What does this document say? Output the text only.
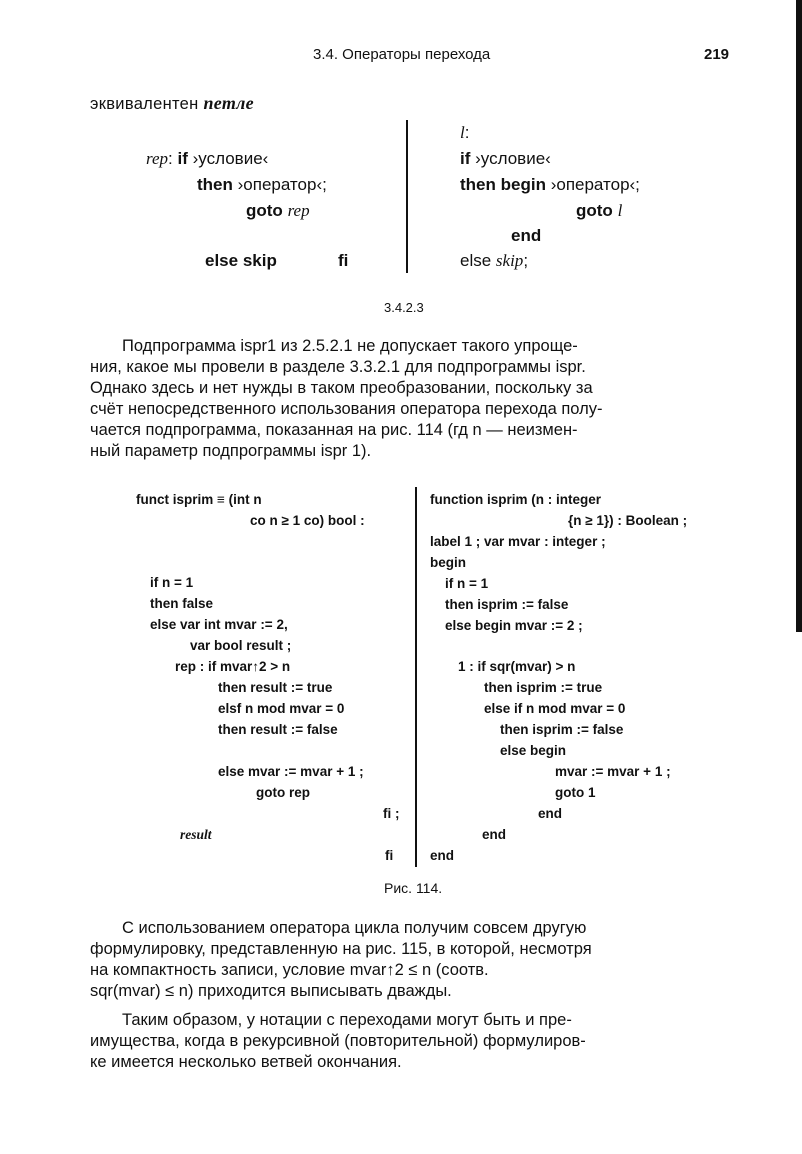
3.4. Операторы перехода	219
эквивалентен петле
rep: if ›условие‹
then ›оператор‹;
goto rep
else skip	fi
l:
if ›условие‹
then begin ›оператор‹;
goto l
end
else skip;
3.4.2.3
Подпрограмма ispr1 из 2.5.2.1 не допускает такого упроще-
ния, какое мы провели в разделе 3.3.2.1 для подпрограммы ispr.
Однако здесь и нет нужды в таком преобразовании, поскольку за
счёт непосредственного использования оператора перехода полу-
чается подпрограмма, показанная на рис. 114 (гд n — неизмен-
ный параметр подпрограммы ispr 1).
funct isprim ≡ (int n
co n ≥ 1 co) bool :
if n = 1
then false
else var int mvar := 2,
var bool result ;
rep : if mvar↑2 > n
then result := true
elsf n mod mvar = 0
then result := false
else mvar := mvar + 1 ;
goto rep
fi ;
result
fi
function isprim (n : integer
{n ≥ 1}) : Boolean ;
label 1 ; var mvar : integer ;
begin
if n = 1
then isprim := false
else begin mvar := 2 ;
1 : if sqr(mvar) > n
then isprim := true
else if n mod mvar = 0
then isprim := false
else begin
mvar := mvar + 1 ;
goto 1
end
end
end
Рис. 114.
С использованием оператора цикла получим совсем другую
формулировку, представленную на рис. 115, в которой, несмотря
на компактность записи, условие mvar↑2 ≤ n (соотв.
sqr(mvar) ≤ n) приходится выписывать дважды.
Таким образом, у нотации с переходами могут быть и пре-
имущества, когда в рекурсивной (повторительной) формулиров-
ке имеется несколько ветвей окончания.
